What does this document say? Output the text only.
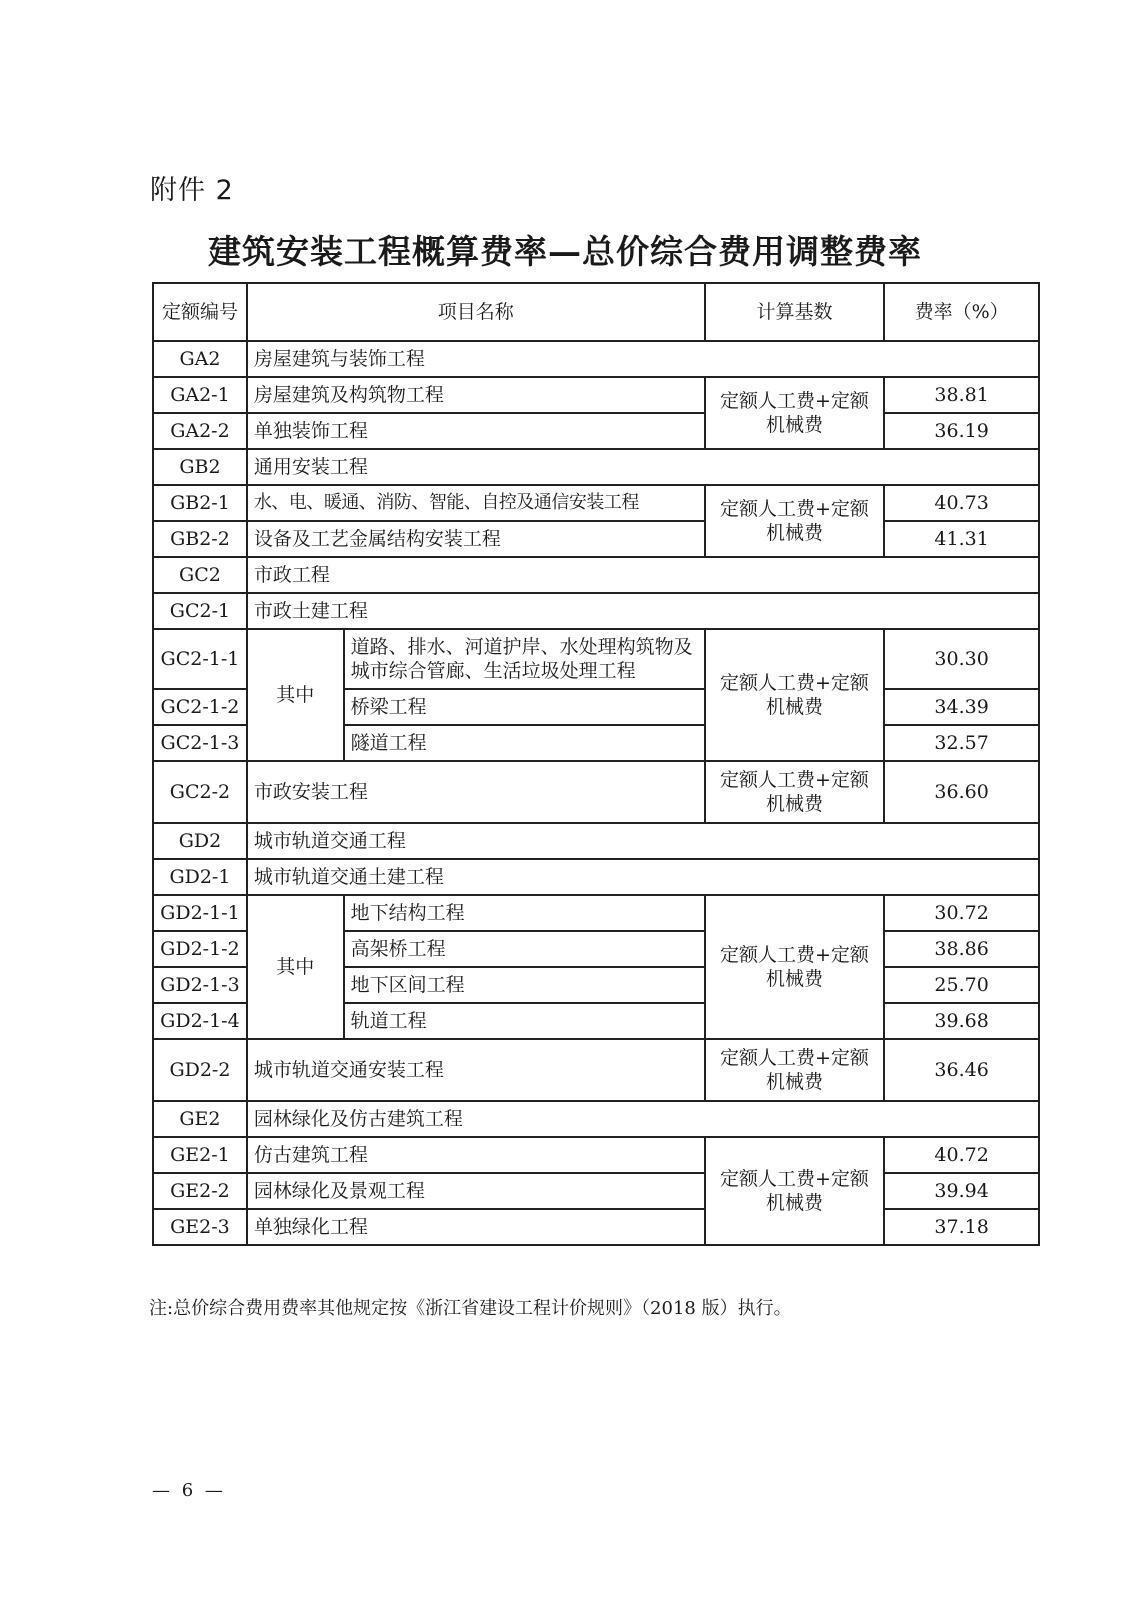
附件 2
建筑安装工程概算费率—总价综合费用调整费率
定额编号	项目名称		计算基数	费率（%）
GA2	房屋建筑与装饰工程			
GA2-1	房屋建筑及构筑物工程		定额人工费+定额机械费	38.81
GA2-2	单独装饰工程			36.19
GB2	通用安装工程			
GB2-1	水、电、暖通、消防、智能、自控及通信安装工程		定额人工费+定额机械费	40.73
GB2-2	设备及工艺金属结构安装工程			41.31
GC2	市政工程			
GC2-1	市政土建工程			
GC2-1-1	其中	道路、排水、河道护岸、水处理构筑物及城市综合管廊、生活垃圾处理工程	定额人工费+定额机械费	30.30
GC2-1-2		桥梁工程		34.39
GC2-1-3		隧道工程		32.57
GC2-2	市政安装工程		定额人工费+定额机械费	36.60
GD2	城市轨道交通工程			
GD2-1	城市轨道交通土建工程			
GD2-1-1	其中	地下结构工程	定额人工费+定额机械费	30.72
GD2-1-2		高架桥工程		38.86
GD2-1-3		地下区间工程		25.70
GD2-1-4		轨道工程		39.68
GD2-2	城市轨道交通安装工程		定额人工费+定额机械费	36.46
GE2	园林绿化及仿古建筑工程			
GE2-1	仿古建筑工程		定额人工费+定额机械费	40.72
GE2-2	园林绿化及景观工程			39.94
GE2-3	单独绿化工程			37.18
注:总价综合费用费率其他规定按《浙江省建设工程计价规则》（2018 版）执行。
— 6 —
